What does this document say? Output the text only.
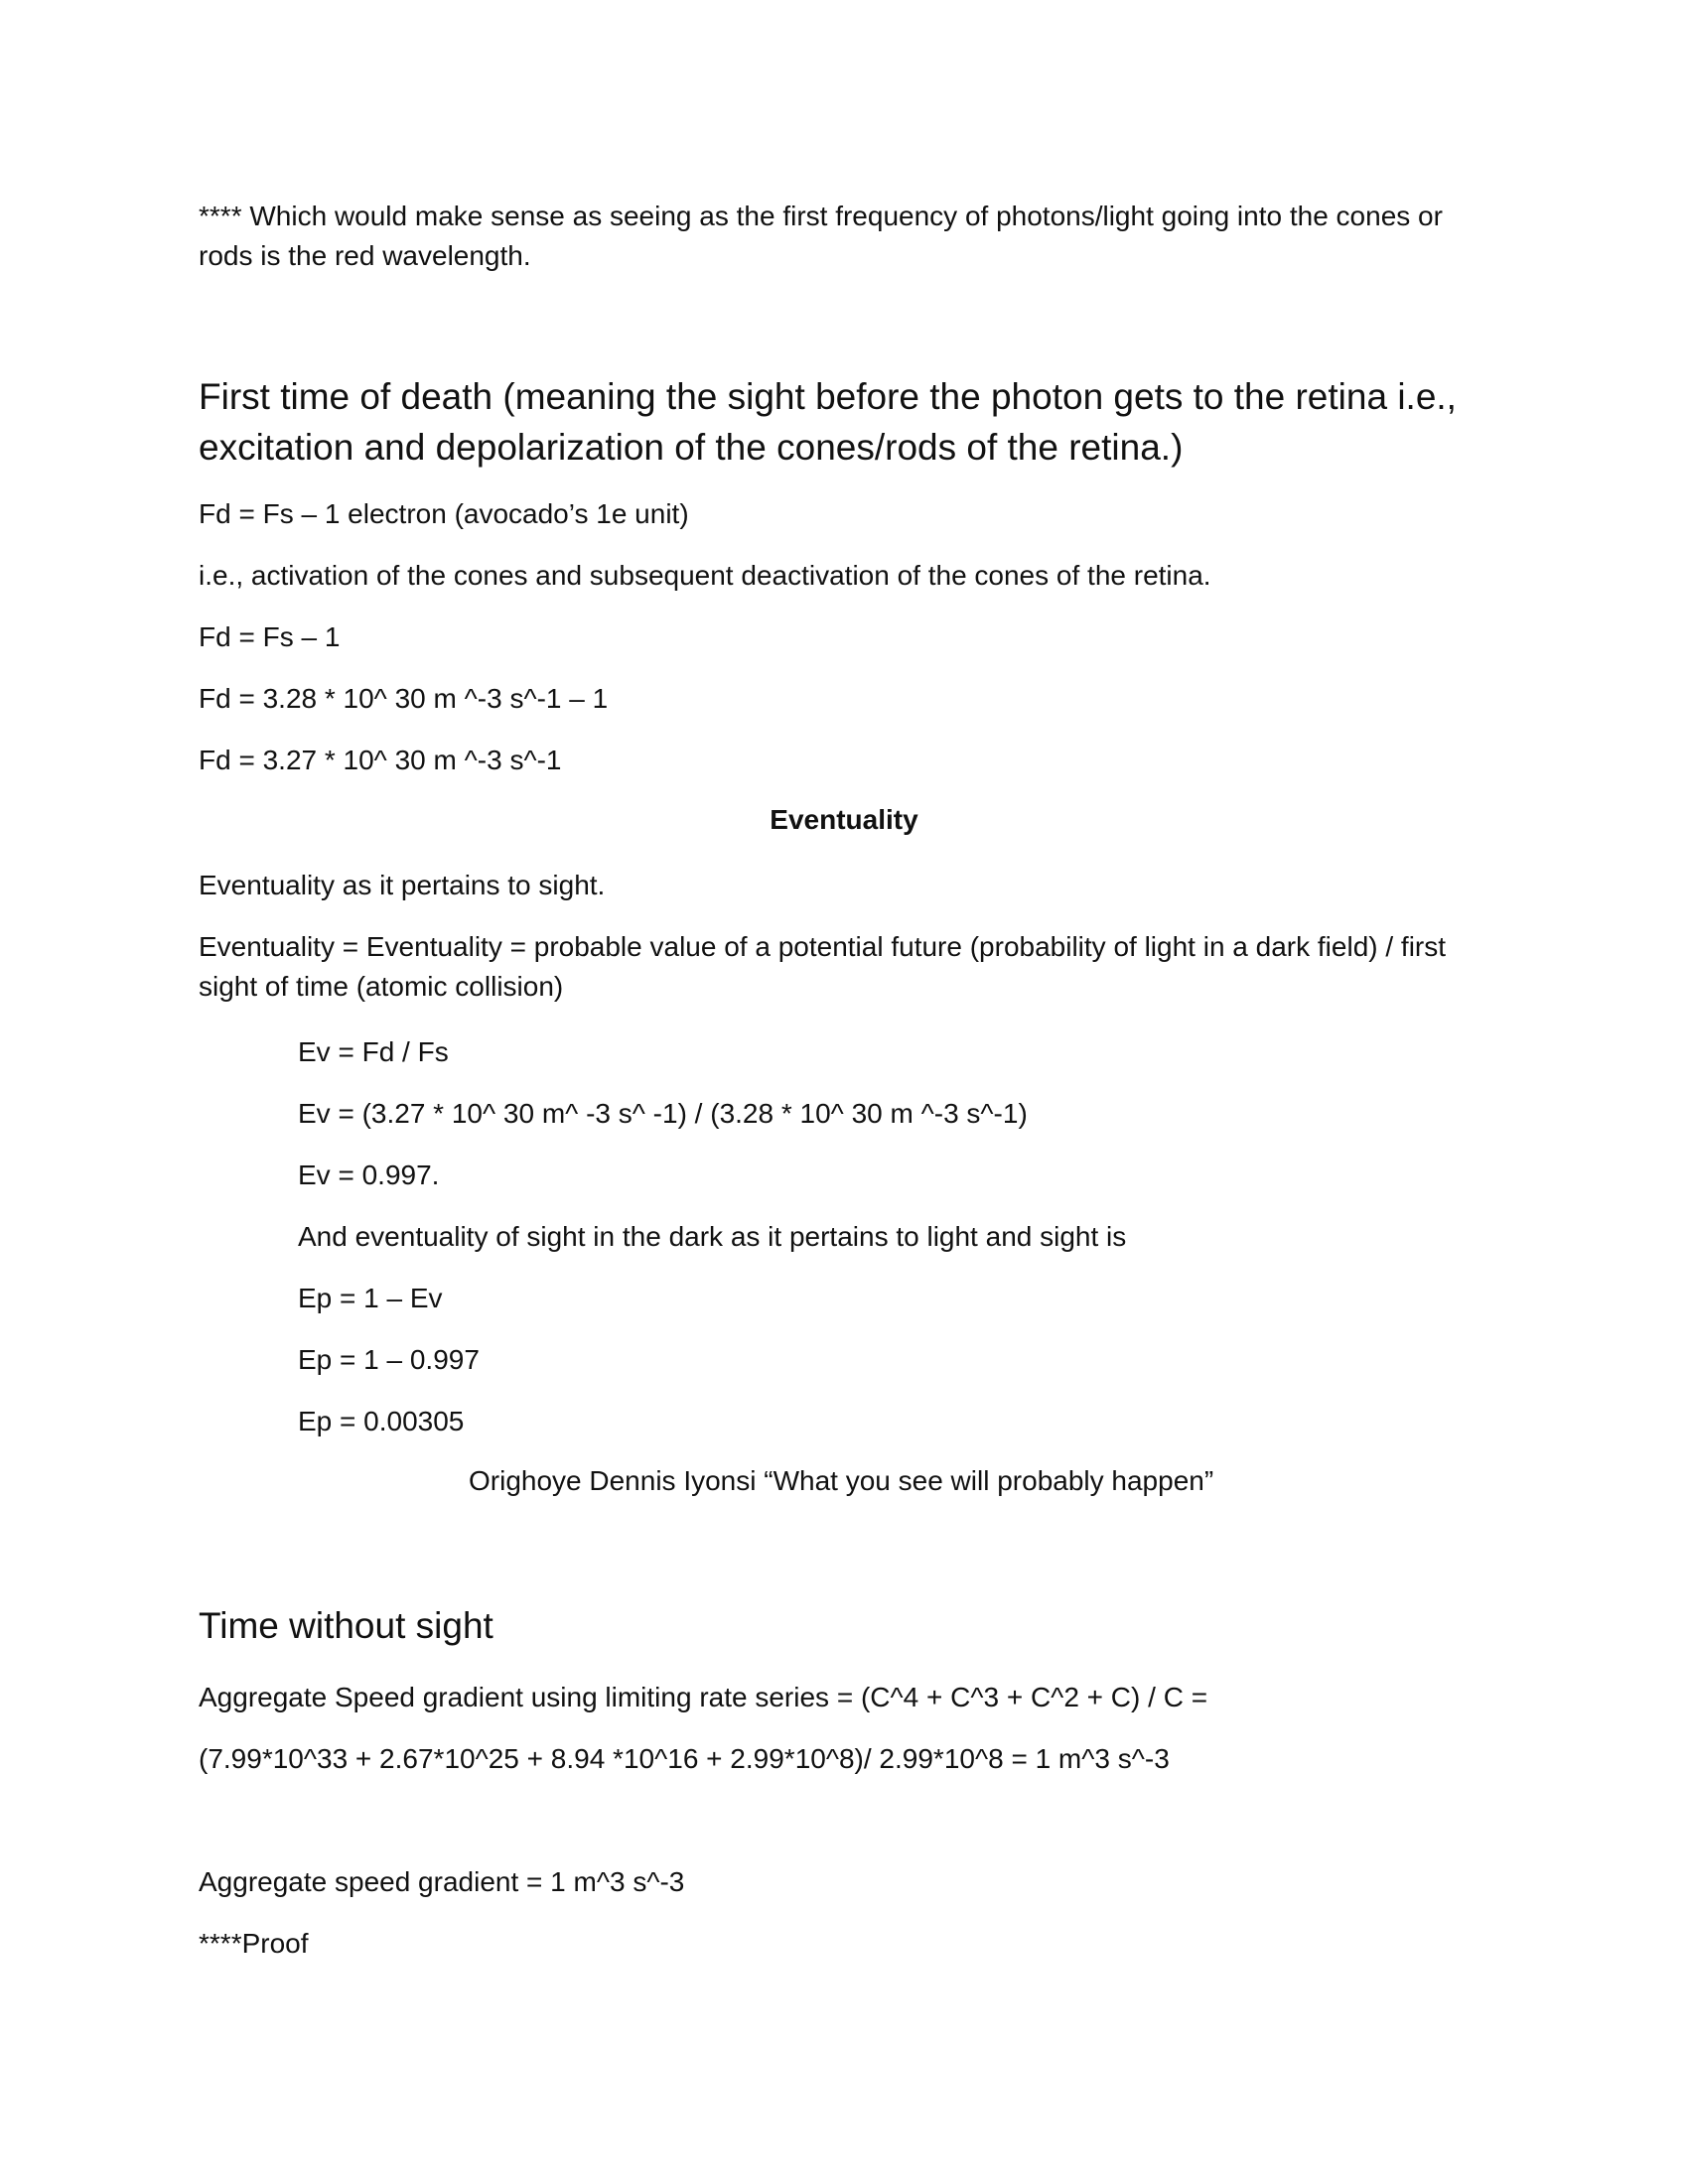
**** Which would make sense as seeing as the first frequency of photons/light going into the cones or rods is the red wavelength.
First time of death (meaning the sight before the photon gets to the retina i.e., excitation and depolarization of the cones/rods of the retina.)
Fd = Fs – 1 electron (avocado’s 1e unit)
i.e., activation of the cones and subsequent deactivation of the cones of the retina.
Fd = Fs – 1
Fd = 3.28 * 10^ 30 m ^-3 s^-1 – 1
Fd = 3.27 * 10^ 30 m ^-3 s^-1
Eventuality
Eventuality as it pertains to sight.
Eventuality = Eventuality = probable value of a potential future (probability of light in a dark field) / first sight of time (atomic collision)
Ev = Fd / Fs
Ev = (3.27 * 10^ 30 m^ -3 s^ -1) / (3.28 * 10^ 30 m ^-3 s^-1)
Ev = 0.997.
And eventuality of sight in the dark as it pertains to light and sight is
Ep = 1 – Ev
Ep = 1 – 0.997
Ep = 0.00305
Orighoye Dennis Iyonsi “What you see will probably happen”
Time without sight
Aggregate Speed gradient using limiting rate series = (C^4 + C^3 + C^2 + C) / C =
(7.99*10^33 + 2.67*10^25 + 8.94 *10^16 + 2.99*10^8)/ 2.99*10^8 = 1 m^3 s^-3
Aggregate speed gradient = 1 m^3 s^-3
****Proof
